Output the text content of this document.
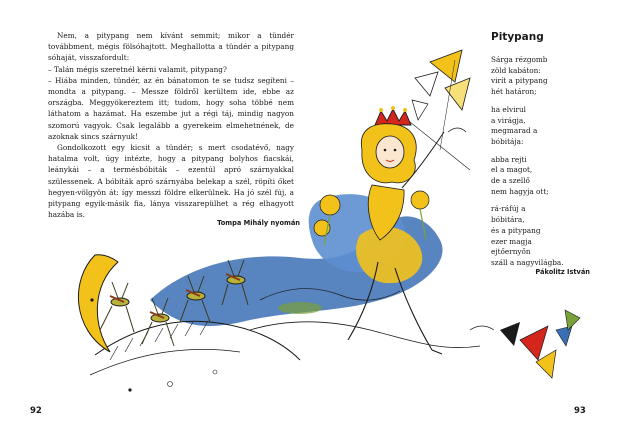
Nem, a pitypang nem kívánt semmit; mikor a tündér továbbment, mégis fölsóhajtott. Meghallotta a tündér a pitypang sóhaját, visszafordult:

– Talán mégis szeretnél kérni valamit, pitypang?

– Hiába minden, tündér, az én bánatomon te se tudsz segíteni – mondta a pitypang. – Messze földről kerültem ide, ebbe az országba. Meggyökereztem itt; tudom, hogy soha többé nem láthatom a hazámat. Ha eszembe jut a régi táj, mindig nagyon szomorú vagyok. Csak legalább a gyerekeim elmehetnének, de azoknak sincs szárnyuk!

Gondolkozott egy kicsit a tündér; s mert csodatévő, nagy hatalma volt, úgy intézte, hogy a pitypang bolyhos fiacskái, leánykái – a termésbóbiták – ezentúl apró szárnyakkal szülessenek. A bóbiták apró szárnyába belekap a szél, röpíti őket hegyen-völgyön át: így messzi földre elkerülnek. Ha jó szél fúj, a pitypang egyik-másik fia, lánya visszarepülhet a rég elhagyott hazába is.

Tompa Mihály nyomán
Pitypang
Sárga rézgomb
zöld kabáton:
virít a pitypang
hét határon;
ha elvirul
a virágja,
megmarad a
bóbitája:
abba rejti
el a magot,
de a szellő
nem hagyja ott;
rá-ráfúj a
bóbitára,
és a pitypang
ezer magja
ejtőernyőn
száll a nagyvilágba.
Pákolitz István
92	93
